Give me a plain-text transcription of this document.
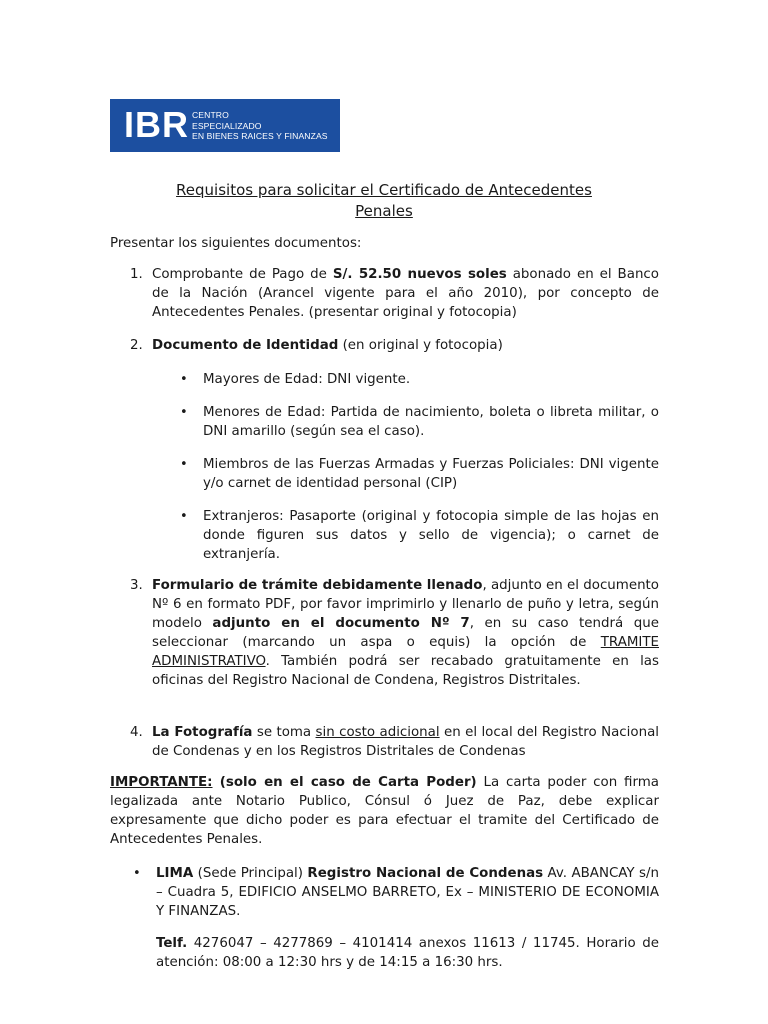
IBR CENTRO
ESPECIALIZADO
EN BIENES RAICES Y FINANZAS
Requisitos para solicitar el Certificado de Antecedentes
Penales
Presentar los siguientes documentos:
1. Comprobante de Pago de S/. 52.50 nuevos soles abonado en el Banco de la Nación (Arancel vigente para el año 2010), por concepto de Antecedentes Penales. (presentar original y fotocopia)
2. Documento de Identidad (en original y fotocopia)
• Mayores de Edad: DNI vigente.
• Menores de Edad: Partida de nacimiento, boleta o libreta militar, o DNI amarillo (según sea el caso).
• Miembros de las Fuerzas Armadas y Fuerzas Policiales: DNI vigente y/o carnet de identidad personal (CIP)
• Extranjeros: Pasaporte (original y fotocopia simple de las hojas en donde figuren sus datos y sello de vigencia); o carnet de extranjería.
3. Formulario de trámite debidamente llenado, adjunto en el documento Nº 6 en formato PDF, por favor imprimirlo y llenarlo de puño y letra, según modelo adjunto en el documento Nº 7, en su caso tendrá que seleccionar (marcando un aspa o equis) la opción de TRAMITE ADMINISTRATIVO. También podrá ser recabado gratuitamente en las oficinas del Registro Nacional de Condena, Registros Distritales.
4. La Fotografía se toma sin costo adicional en el local del Registro Nacional de Condenas y en los Registros Distritales de Condenas
IMPORTANTE: (solo en el caso de Carta Poder) La carta poder con firma legalizada ante Notario Publico, Cónsul ó Juez de Paz, debe explicar expresamente que dicho poder es para efectuar el tramite del Certificado de Antecedentes Penales.
• LIMA (Sede Principal) Registro Nacional de Condenas Av. ABANCAY s/n – Cuadra 5, EDIFICIO ANSELMO BARRETO, Ex – MINISTERIO DE ECONOMIA Y FINANZAS.
Telf. 4276047 – 4277869 – 4101414 anexos 11613 / 11745. Horario de atención: 08:00 a 12:30 hrs y de 14:15 a 16:30 hrs.
